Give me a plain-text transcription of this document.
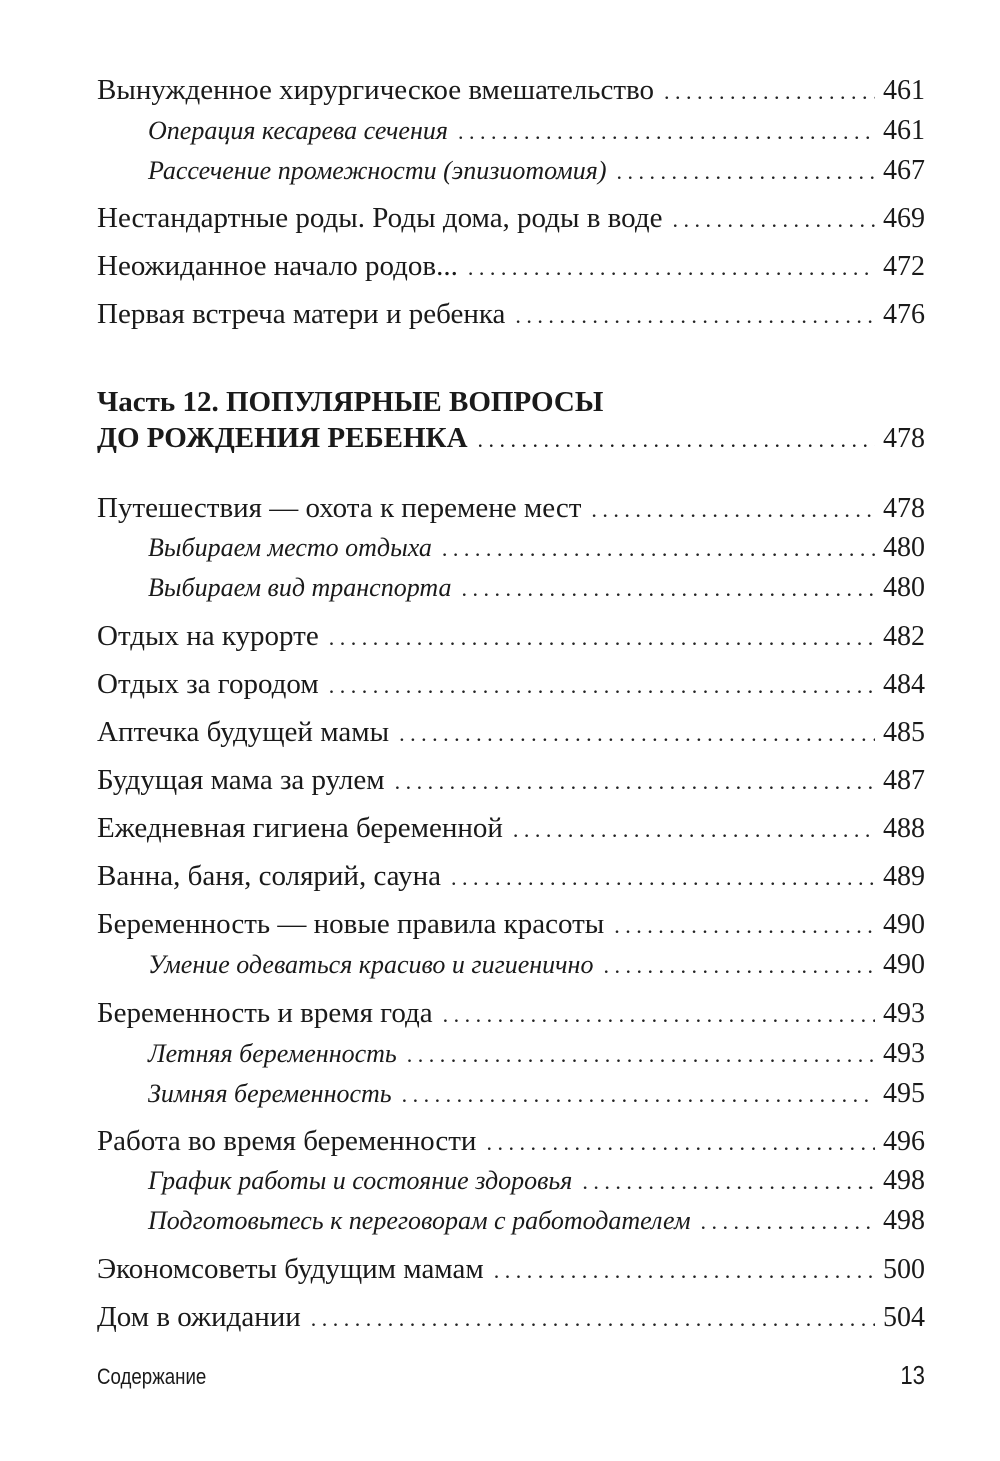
Вынужденное хирургическое вмешательство . . .	461
Операция кесарева сечения . . .	461
Рассечение промежности (эпизиотомия) . . .	467
Нестандартные роды. Роды дома, роды в воде . . .	469
Неожиданное начало родов... . . .	472
Первая встреча матери и ребенка . . .	476
Часть 12. ПОПУЛЯРНЫЕ ВОПРОСЫ
ДО РОЖДЕНИЯ РЕБЕНКА . . .	478
Путешествия — охота к перемене мест . . .	478
Выбираем место отдыха . . .	480
Выбираем вид транспорта . . .	480
Отдых на курорте . . .	482
Отдых за городом . . .	484
Аптечка будущей мамы . . .	485
Будущая мама за рулем . . .	487
Ежедневная гигиена беременной . . .	488
Ванна, баня, солярий, сауна . . .	489
Беременность — новые правила красоты . . .	490
Умение одеваться красиво и гигиенично . . .	490
Беременность и время года . . .	493
Летняя беременность . . .	493
Зимняя беременность . . .	495
Работа во время беременности . . .	496
График работы и состояние здоровья . . .	498
Подготовьтесь к переговорам с работодателем . . .	498
Экономсоветы будущим мамам . . .	500
Дом в ожидании . . .	504
Содержание	13
